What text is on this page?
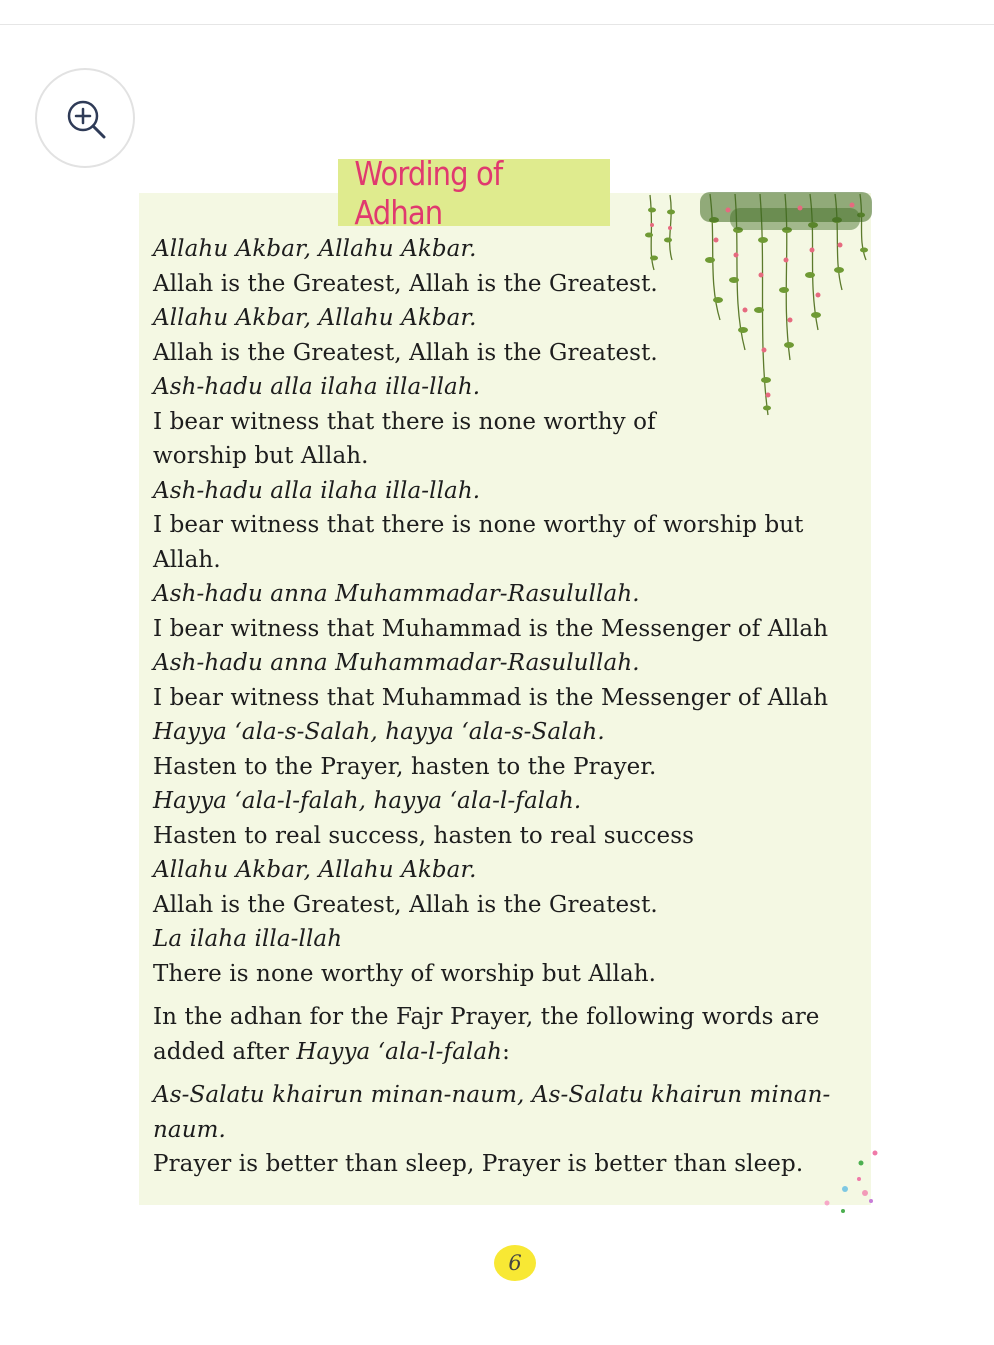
Wording of Adhan
Allahu Akbar, Allahu Akbar.
Allah is the Greatest, Allah is the Greatest.
Allahu Akbar, Allahu Akbar.
Allah is the Greatest, Allah is the Greatest.
Ash-hadu alla ilaha illa-llah.
I bear witness that there is none worthy of
worship but Allah.
Ash-hadu alla ilaha illa-llah.
I bear witness that there is none worthy of worship but
Allah.
Ash-hadu anna Muhammadar-Rasulullah.
I bear witness that Muhammad is the Messenger of Allah
Ash-hadu anna Muhammadar-Rasulullah.
I bear witness that Muhammad is the Messenger of Allah
Hayya ‘ala-s-Salah, hayya ‘ala-s-Salah.
Hasten to the Prayer, hasten to the Prayer.
Hayya ‘ala-l-falah, hayya ‘ala-l-falah.
Hasten to real success, hasten to real success
Allahu Akbar, Allahu Akbar.
Allah is the Greatest, Allah is the Greatest.
La ilaha illa-llah
There is none worthy of worship but Allah.
In the adhan for the Fajr Prayer, the following words are
added after Hayya ‘ala-l-falah:
As-Salatu khairun minan-naum, As-Salatu khairun minan-
naum.
Prayer is better than sleep, Prayer is better than sleep.
6
